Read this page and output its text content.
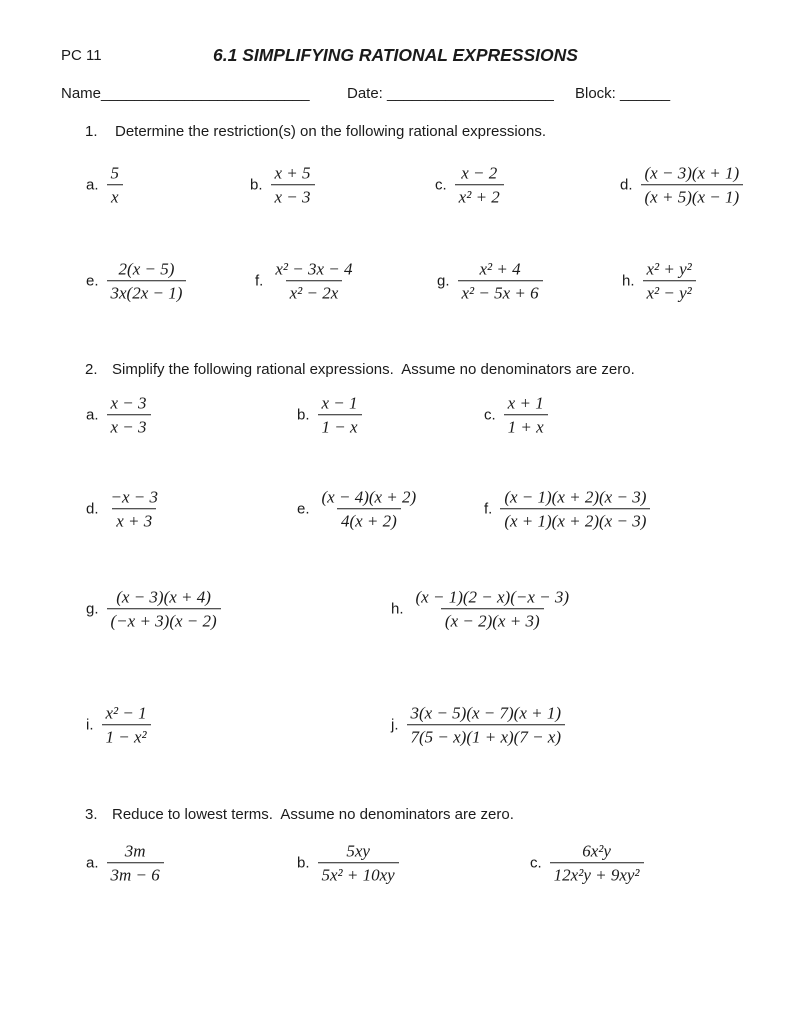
PC 11	6.1 SIMPLIFYING RATIONAL EXPRESSIONS
Name_________________________ Date: ____________________ Block: ______
1. Determine the restriction(s) on the following rational expressions.
a. $\frac{5}{x}$	b. $\frac{x + 5}{x - 3}$	c. $\frac{x - 2}{\text{x² + 2}}$	d. $\frac{(x - 3)(x + 1)}{(x + 5)(x - 1)}$
e. $\frac{2(x - 5)}{3x(2x - 1)}$	f. $\frac{\text{x² − 3x − 4}}{\text{x² − 2x}}$	g. $\frac{\text{x² + 4}}{\text{x² − 5x + 6}}$	h. $\frac{\text{x² + y²}}{\text{x² − y²}}$
2. Simplify the following rational expressions.  Assume no denominators are zero.
a. $\frac{x - 3}{x - 3}$	b. $\frac{x - 1}{1 - x}$	c. $\frac{x + 1}{1 + x}$
d. $\frac{-x - 3}{x + 3}$	e. $\frac{(x - 4)(x + 2)}{4(x + 2)}$	f. $\frac{(x - 1)(x + 2)(x - 3)}{(x + 1)(x + 2)(x - 3)}$
g. $\frac{(x - 3)(x + 4)}{(-x + 3)(x - 2)}$	h. $\frac{(x - 1)(2 - x)(-x - 3)}{(x - 2)(x + 3)}$
i. $\frac{\text{x² − 1}}{\text{1 − x²}}$	j. $\frac{3(x - 5)(x - 7)(x + 1)}{7(5 - x)(1 + x)(7 - x)}$
3. Reduce to lowest terms.  Assume no denominators are zero.
a. $\frac{3m}{3m - 6}$	b. $\frac{5xy}{\text{5x² + 10xy}}$	c. $\frac{\text{6x²y}}{\text{12x²y + 9xy²}}$
